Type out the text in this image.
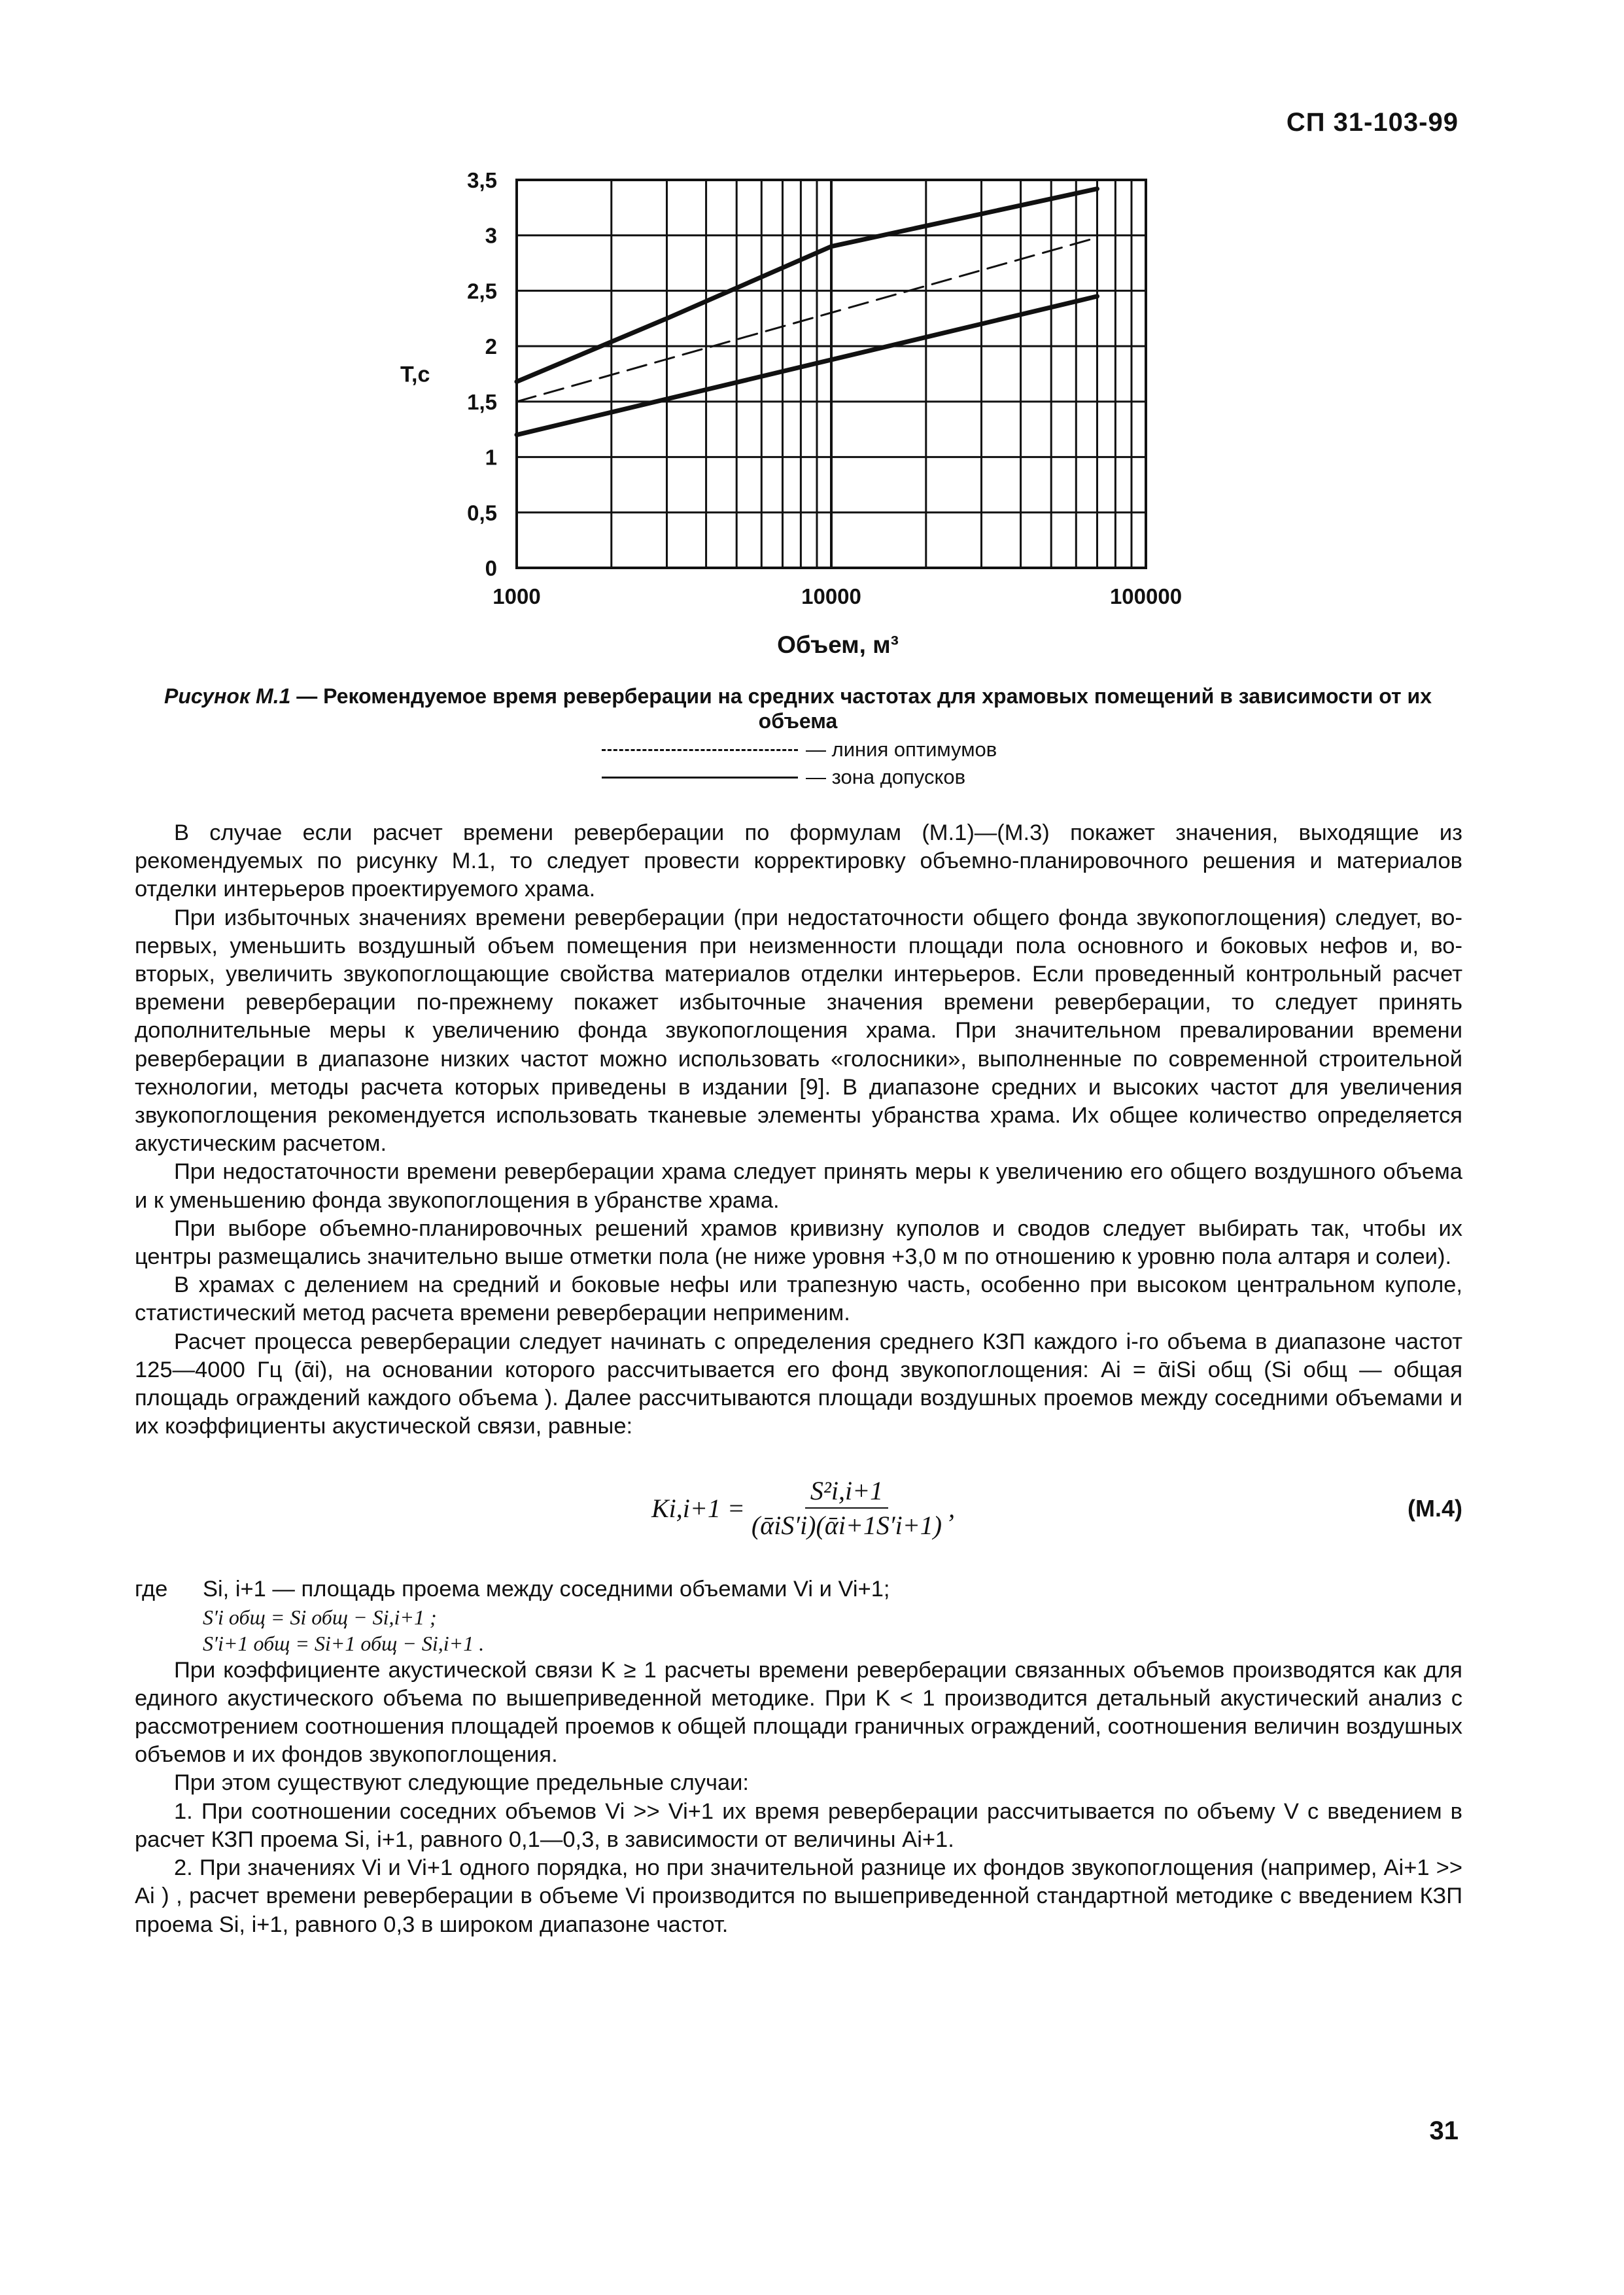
СП 31-103-99
0
0,5
1
1,5
2
2,5
3
3,5
1000	10000	100000
T,c
Объем, м³
Рисунок М.1 — Рекомендуемое время реверберации на средних частотах для храмовых помещений в зависимости от их объема
— линия оптимумов
— зона допусков

В случае если расчет времени реверберации по формулам (М.1)—(М.3) покажет значения, выходящие из рекомендуемых по рисунку М.1, то следует провести корректировку объемно-планировочного решения и материалов отделки интерьеров проектируемого храма.

При избыточных значениях времени реверберации (при недостаточности общего фонда звукопоглощения) следует, во-первых, уменьшить воздушный объем помещения при неизменности площади пола основного и боковых нефов и, во-вторых, увеличить звукопоглощающие свойства материалов отделки интерьеров. Если проведенный контрольный расчет времени реверберации по-прежнему покажет избыточные значения времени реверберации, то следует принять дополнительные меры к увеличению фонда звукопоглощения храма. При значительном превалировании времени реверберации в диапазоне низких частот можно использовать «голосники», выполненные по современной строительной технологии, методы расчета которых приведены в издании [9]. В диапазоне средних и высоких частот для увеличения звукопоглощения рекомендуется использовать тканевые элементы убранства храма. Их общее количество определяется акустическим расчетом.

При недостаточности времени реверберации храма следует принять меры к увеличению его общего воздушного объема и к уменьшению фонда звукопоглощения в убранстве храма.

При выборе объемно-планировочных решений храмов кривизну куполов и сводов следует выбирать так, чтобы их центры размещались значительно выше отметки пола (не ниже уровня +3,0 м по отношению к уровню пола алтаря и солеи).

В храмах с делением на средний и боковые нефы или трапезную часть, особенно при высоком центральном куполе, статистический метод расчета времени реверберации неприменим.

Расчет процесса реверберации следует начинать с определения среднего КЗП каждого i-го объема в диапазоне частот 125—4000 Гц (ᾱi), на основании которого рассчитывается его фонд звукопоглощения: Ai = ᾱiSi общ (Si общ — общая площадь ограждений каждого объема ). Далее рассчитываются площади воздушных проемов между соседними объемами и их коэффициенты акустической связи, равные:

$Ki,i+1 = \frac{\text{S²i,i+1}}{\text{(ᾱiS′i)(ᾱi+1S′i+1)}}$ ,	(М.4)
где	Si, i+1 — площадь проема между соседними объемами Vi и Vi+1;
S′i общ = Si общ − Si,i+1 ;
S′i+1 общ = Si+1 общ − Si,i+1 .

При коэффициенте акустической связи K ≥ 1 расчеты времени реверберации связанных объемов производятся как для единого акустического объема по вышеприведенной методике. При K < 1 производится детальный акустический анализ с рассмотрением соотношения площадей проемов к общей площади граничных ограждений, соотношения величин воздушных объемов и их фондов звукопоглощения.

При этом существуют следующие предельные случаи:

1. При соотношении соседних объемов Vi >> Vi+1 их время реверберации рассчитывается по объему V с введением в расчет КЗП проема Si, i+1, равного 0,1—0,3, в зависимости от величины Ai+1.

2. При значениях Vi и Vi+1 одного порядка, но при значительной разнице их фондов звукопоглощения (например, Ai+1 >> Ai ) , расчет времени реверберации в объеме Vi производится по вышеприведенной стандартной методике с введением КЗП проема Si, i+1, равного 0,3 в широком диапазоне частот.

31
